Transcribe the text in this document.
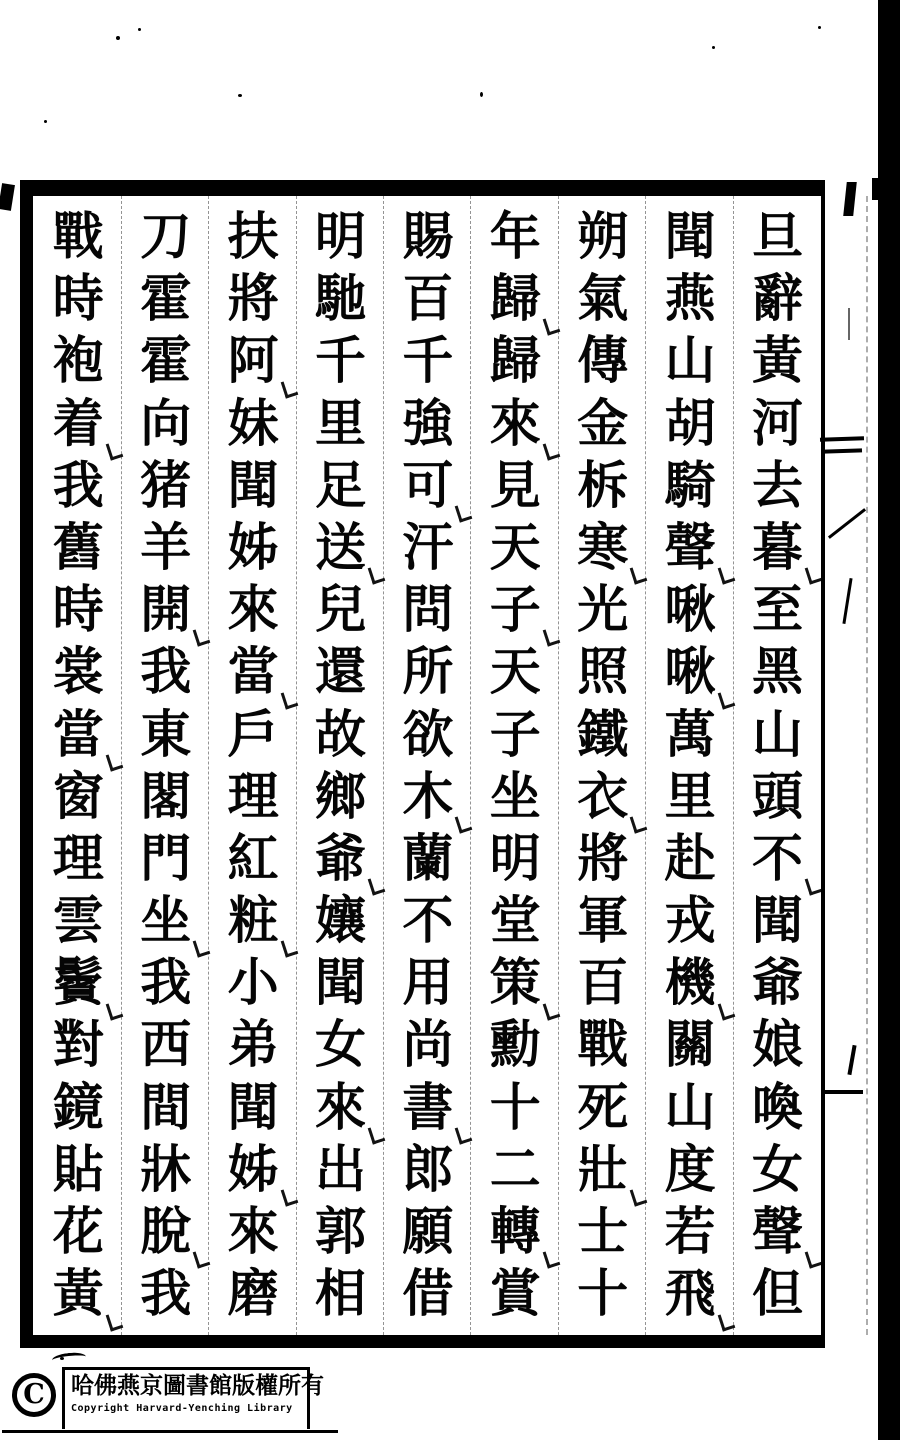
旦
辭
黃
河
去
暮
至
黑
山
頭
不
聞
爺
娘
喚
女
聲
但
聞
燕
山
胡
騎
聲
啾
啾
萬
里
赴
戎
機
關
山
度
若
飛
朔
氣
傳
金
柝
寒
光
照
鐵
衣
將
軍
百
戰
死
壯
士
十
年
歸
歸
來
見
天
子
天
子
坐
明
堂
策
勳
十
二
轉
賞
賜
百
千
強
可
汗
問
所
欲
木
蘭
不
用
尚
書
郎
願
借
明
馳
千
里
足
送
兒
還
故
鄉
爺
孃
聞
女
來
出
郭
相
扶
將
阿
妹
聞
姊
來
當
戶
理
紅
粧
小
弟
聞
姊
來
磨
刀
霍
霍
向
猪
羊
開
我
東
閣
門
坐
我
西
間
牀
脫
我
戰
時
袍
着
我
舊
時
裳
當
窗
理
雲
鬢
對
鏡
貼
花
黃
C	哈佛燕京圖書館版權所有
Copyright Harvard-Yenching Library
